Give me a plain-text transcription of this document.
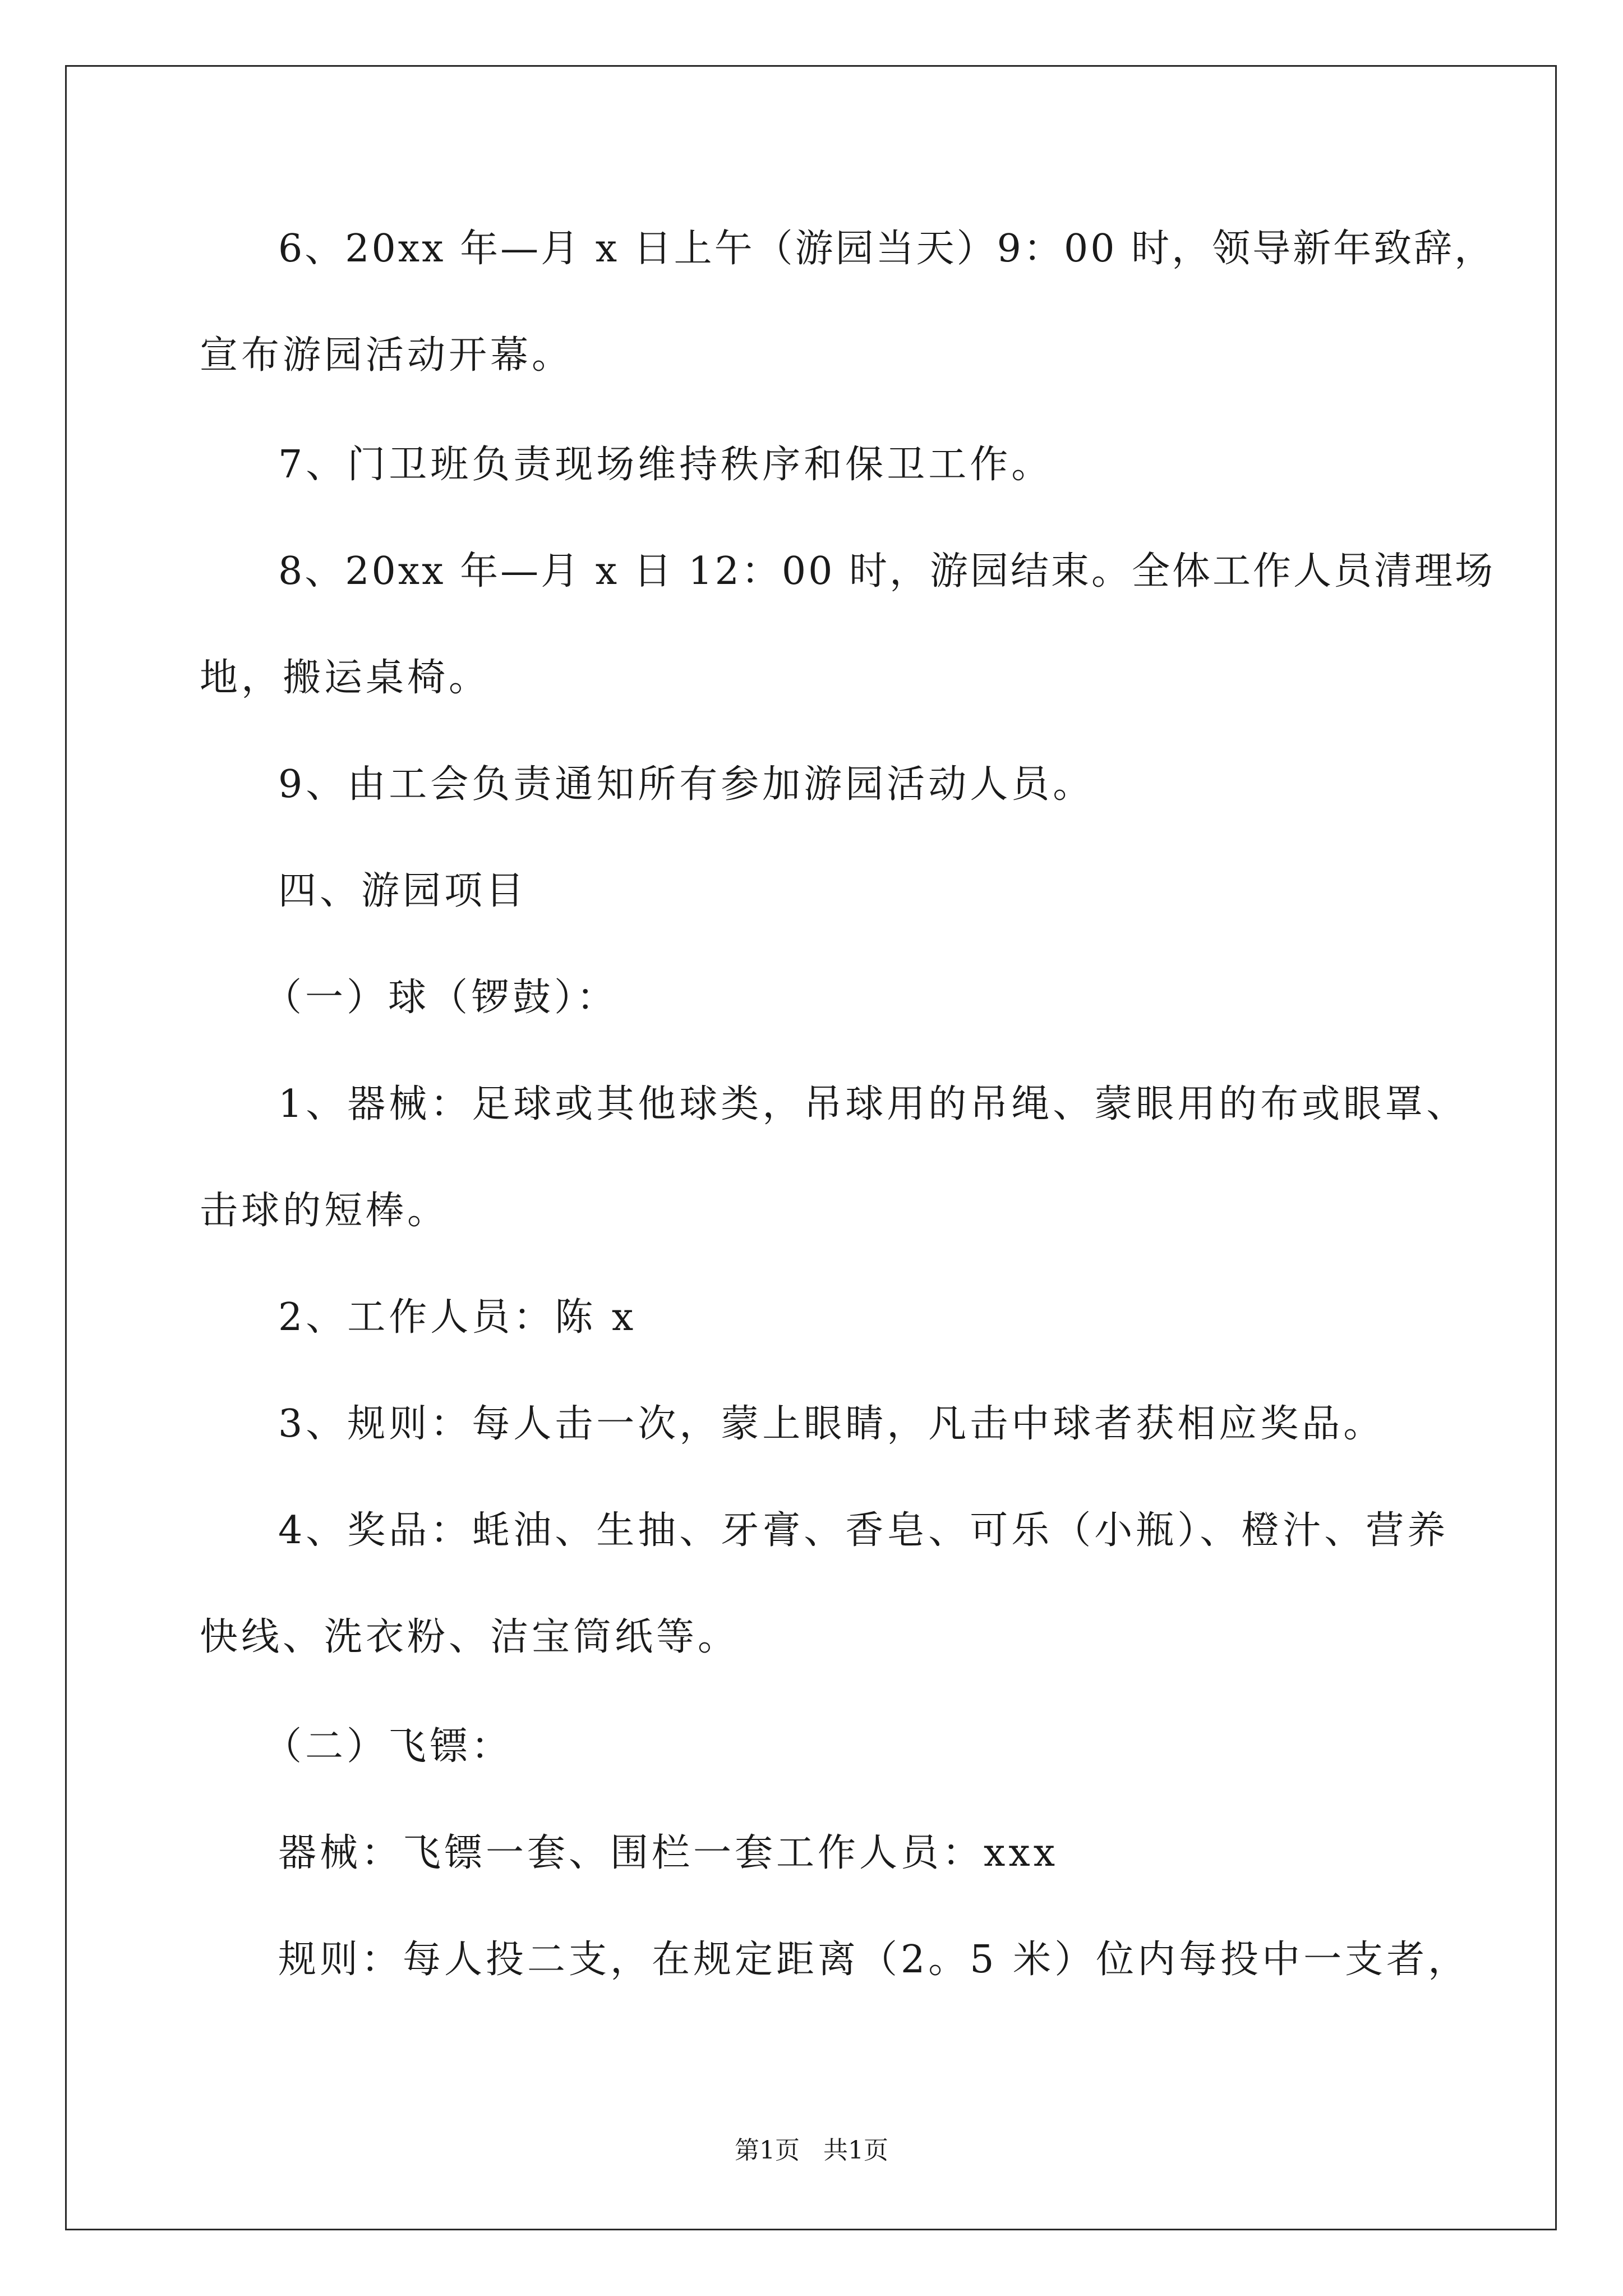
6、20xx 年—月 x 日上午（游园当天）9：00 时，领导新年致辞，
宣布游园活动开幕。
7、门卫班负责现场维持秩序和保卫工作。
8、20xx 年—月 x 日 12：00 时，游园结束。全体工作人员清理场
地，搬运桌椅。
9、由工会负责通知所有参加游园活动人员。
四、游园项目
（一）球（锣鼓）：
1、器械：足球或其他球类，吊球用的吊绳、蒙眼用的布或眼罩、
击球的短棒。
2、工作人员：陈 x
3、规则：每人击一次，蒙上眼睛，凡击中球者获相应奖品。
4、奖品：蚝油、生抽、牙膏、香皂、可乐（小瓶）、橙汁、营养
快线、洗衣粉、洁宝筒纸等。
（二）飞镖：
器械：飞镖一套、围栏一套工作人员：xxx
规则：每人投二支，在规定距离（2。5 米）位内每投中一支者，
第1页   共1页
